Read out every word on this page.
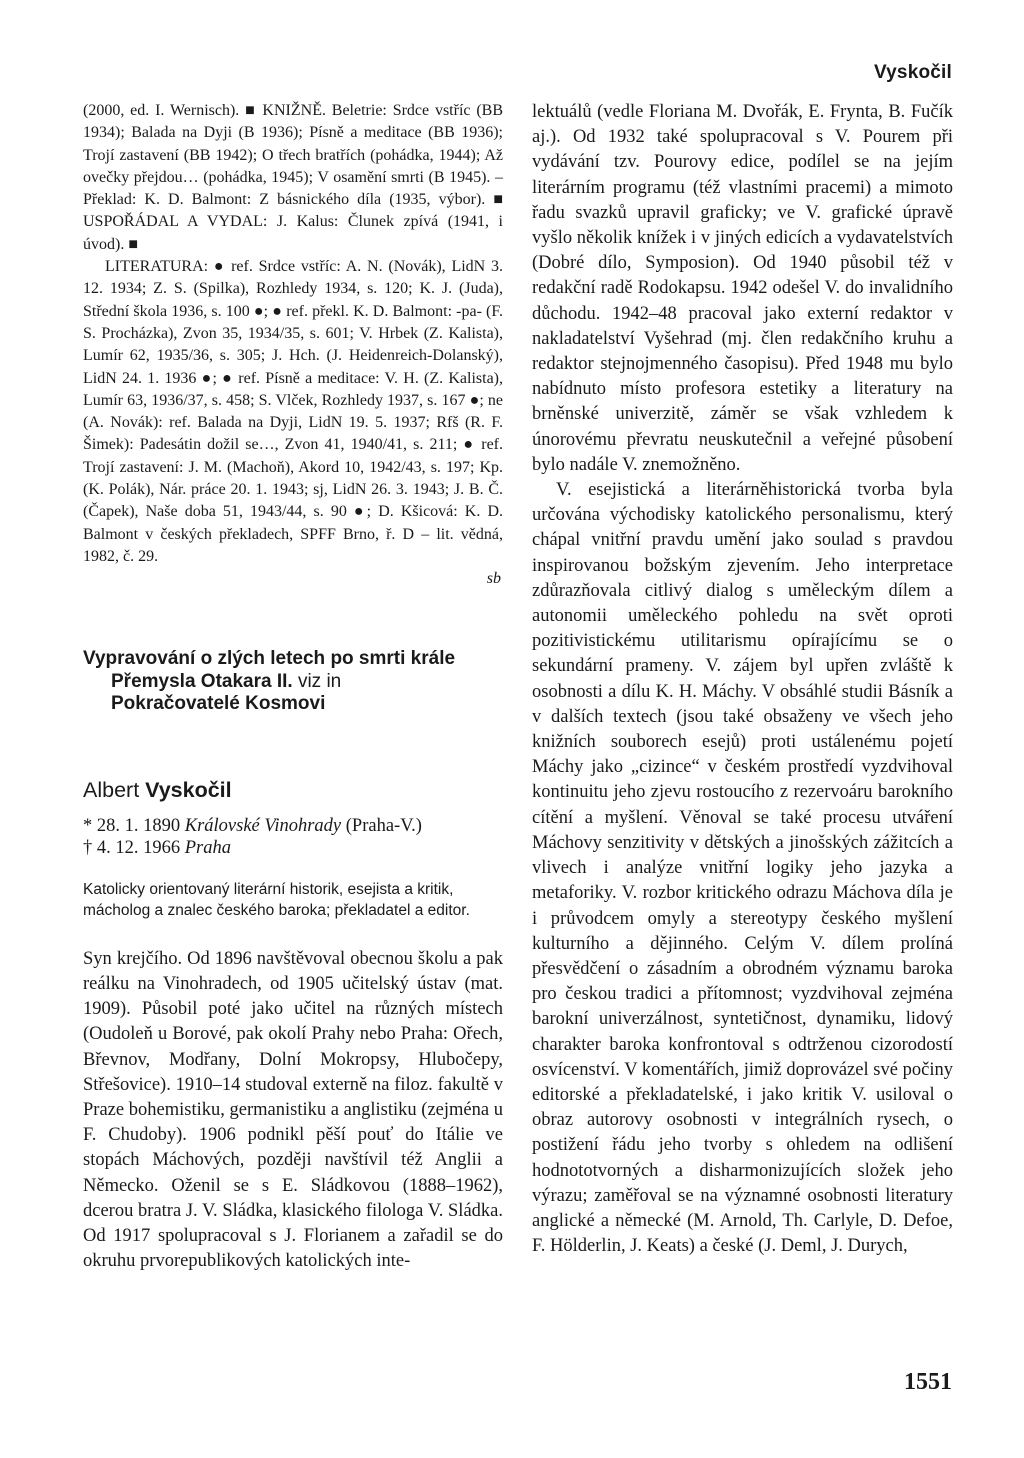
Vyskočil

(2000, ed. I. Wernisch). ■ KNIŽNĚ. Beletrie: Srdce vstříc (BB 1934); Balada na Dyji (B 1936); Písně a meditace (BB 1936); Trojí zastavení (BB 1942); O třech bratřích (pohádka, 1944); Až ovečky přejdou… (pohádka, 1945); V osamění smrti (B 1945). – Překlad: K. D. Balmont: Z básnického díla (1935, výbor). ■ USPOŘÁDAL A VYDAL: J. Kalus: Člunek zpívá (1941, i úvod). ■

LITERATURA: ● ref. Srdce vstříc: A. N. (Novák), LidN 3. 12. 1934; Z. S. (Spilka), Rozhledy 1934, s. 120; K. J. (Juda), Střední škola 1936, s. 100 ●; ● ref. překl. K. D. Balmont: -pa- (F. S. Procházka), Zvon 35, 1934/35, s. 601; V. Hrbek (Z. Kalista), Lumír 62, 1935/36, s. 305; J. Hch. (J. Heidenreich-Dolanský), LidN 24. 1. 1936 ●; ● ref. Písně a meditace: V. H. (Z. Kalista), Lumír 63, 1936/37, s. 458; S. Vlček, Rozhledy 1937, s. 167 ●; ne (A. Novák): ref. Balada na Dyji, LidN 19. 5. 1937; Rfš (R. F. Šimek): Padesátin dožil se…, Zvon 41, 1940/41, s. 211; ● ref. Trojí zastavení: J. M. (Machoň), Akord 10, 1942/43, s. 197; Kp. (K. Polák), Nár. práce 20. 1. 1943; sj, LidN 26. 3. 1943; J. B. Č. (Čapek), Naše doba 51, 1943/44, s. 90 ●; D. Kšicová: K. D. Balmont v českých překladech, SPFF Brno, ř. D – lit. vědná, 1982, č. 29.

sb

Vypravování o zlých letech po smrti krále
Přemysla Otakara II. viz in
Pokračovatelé Kosmovi
Albert Vyskočil
* 28. 1. 1890 Královské Vinohrady (Praha-V.)
† 4. 12. 1966 Praha

Katolicky orientovaný literární historik, esejista a kritik, mácholog a znalec českého baroka; překladatel a editor.

Syn krejčího. Od 1896 navštěvoval obecnou školu a pak reálku na Vinohradech, od 1905 učitelský ústav (mat. 1909). Působil poté jako učitel na různých místech (Oudoleň u Borové, pak okolí Prahy nebo Praha: Ořech, Břevnov, Modřany, Dolní Mokropsy, Hlubočepy, Střešovice). 1910–14 studoval externě na filoz. fakultě v Praze bohemistiku, germanistiku a anglistiku (zejména u F. Chudoby). 1906 podnikl pěší pouť do Itálie ve stopách Máchových, později navštívil též Anglii a Německo. Oženil se s E. Sládkovou (1888–1962), dcerou bratra J. V. Sládka, klasického filologa V. Sládka. Od 1917 spolupracoval s J. Florianem a zařadil se do okruhu prvorepublikových katolických inte-

lektuálů (vedle Floriana M. Dvořák, E. Frynta, B. Fučík aj.). Od 1932 také spolupracoval s V. Pourem při vydávání tzv. Pourovy edice, podílel se na jejím literárním programu (též vlastními pracemi) a mimoto řadu svazků upravil graficky; ve V. grafické úpravě vyšlo několik knížek i v jiných edicích a vydavatelstvích (Dobré dílo, Symposion). Od 1940 působil též v redakční radě Rodokapsu. 1942 odešel V. do invalidního důchodu. 1942–48 pracoval jako externí redaktor v nakladatelství Vyšehrad (mj. člen redakčního kruhu a redaktor stejnojmenného časopisu). Před 1948 mu bylo nabídnuto místo profesora estetiky a literatury na brněnské univerzitě, záměr se však vzhledem k únorovému převratu neuskutečnil a veřejné působení bylo nadále V. znemožněno.

V. esejistická a literárněhistorická tvorba byla určována východisky katolického personalismu, který chápal vnitřní pravdu umění jako soulad s pravdou inspirovanou božským zjevením. Jeho interpretace zdůrazňovala citlivý dialog s uměleckým dílem a autonomii uměleckého pohledu na svět oproti pozitivistickému utilitarismu opírajícímu se o sekundární prameny. V. zájem byl upřen zvláště k osobnosti a dílu K. H. Máchy. V obsáhlé studii Básník a v dalších textech (jsou také obsaženy ve všech jeho knižních souborech esejů) proti ustálenému pojetí Máchy jako „cizince“ v českém prostředí vyzdvihoval kontinuitu jeho zjevu rostoucího z rezervoáru barokního cítění a myšlení. Věnoval se také procesu utváření Máchovy senzitivity v dětských a jinošských zážitcích a vlivech i analýze vnitřní logiky jeho jazyka a metaforiky. V. rozbor kritického odrazu Máchova díla je i průvodcem omyly a stereotypy českého myšlení kulturního a dějinného. Celým V. dílem prolíná přesvědčení o zásadním a obrodném významu baroka pro českou tradici a přítomnost; vyzdvihoval zejména barokní univerzálnost, syntetičnost, dynamiku, lidový charakter baroka konfrontoval s odtrženou cizorodostí osvícenství. V komentářích, jimiž doprovázel své počiny editorské a překladatelské, i jako kritik V. usiloval o obraz autorovy osobnosti v integrálních rysech, o postižení řádu jeho tvorby s ohledem na odlišení hodnototvorných a disharmonizujících složek jeho výrazu; zaměřoval se na významné osobnosti literatury anglické a německé (M. Arnold, Th. Carlyle, D. Defoe, F. Hölderlin, J. Keats) a české (J. Deml, J. Durych,

1551
